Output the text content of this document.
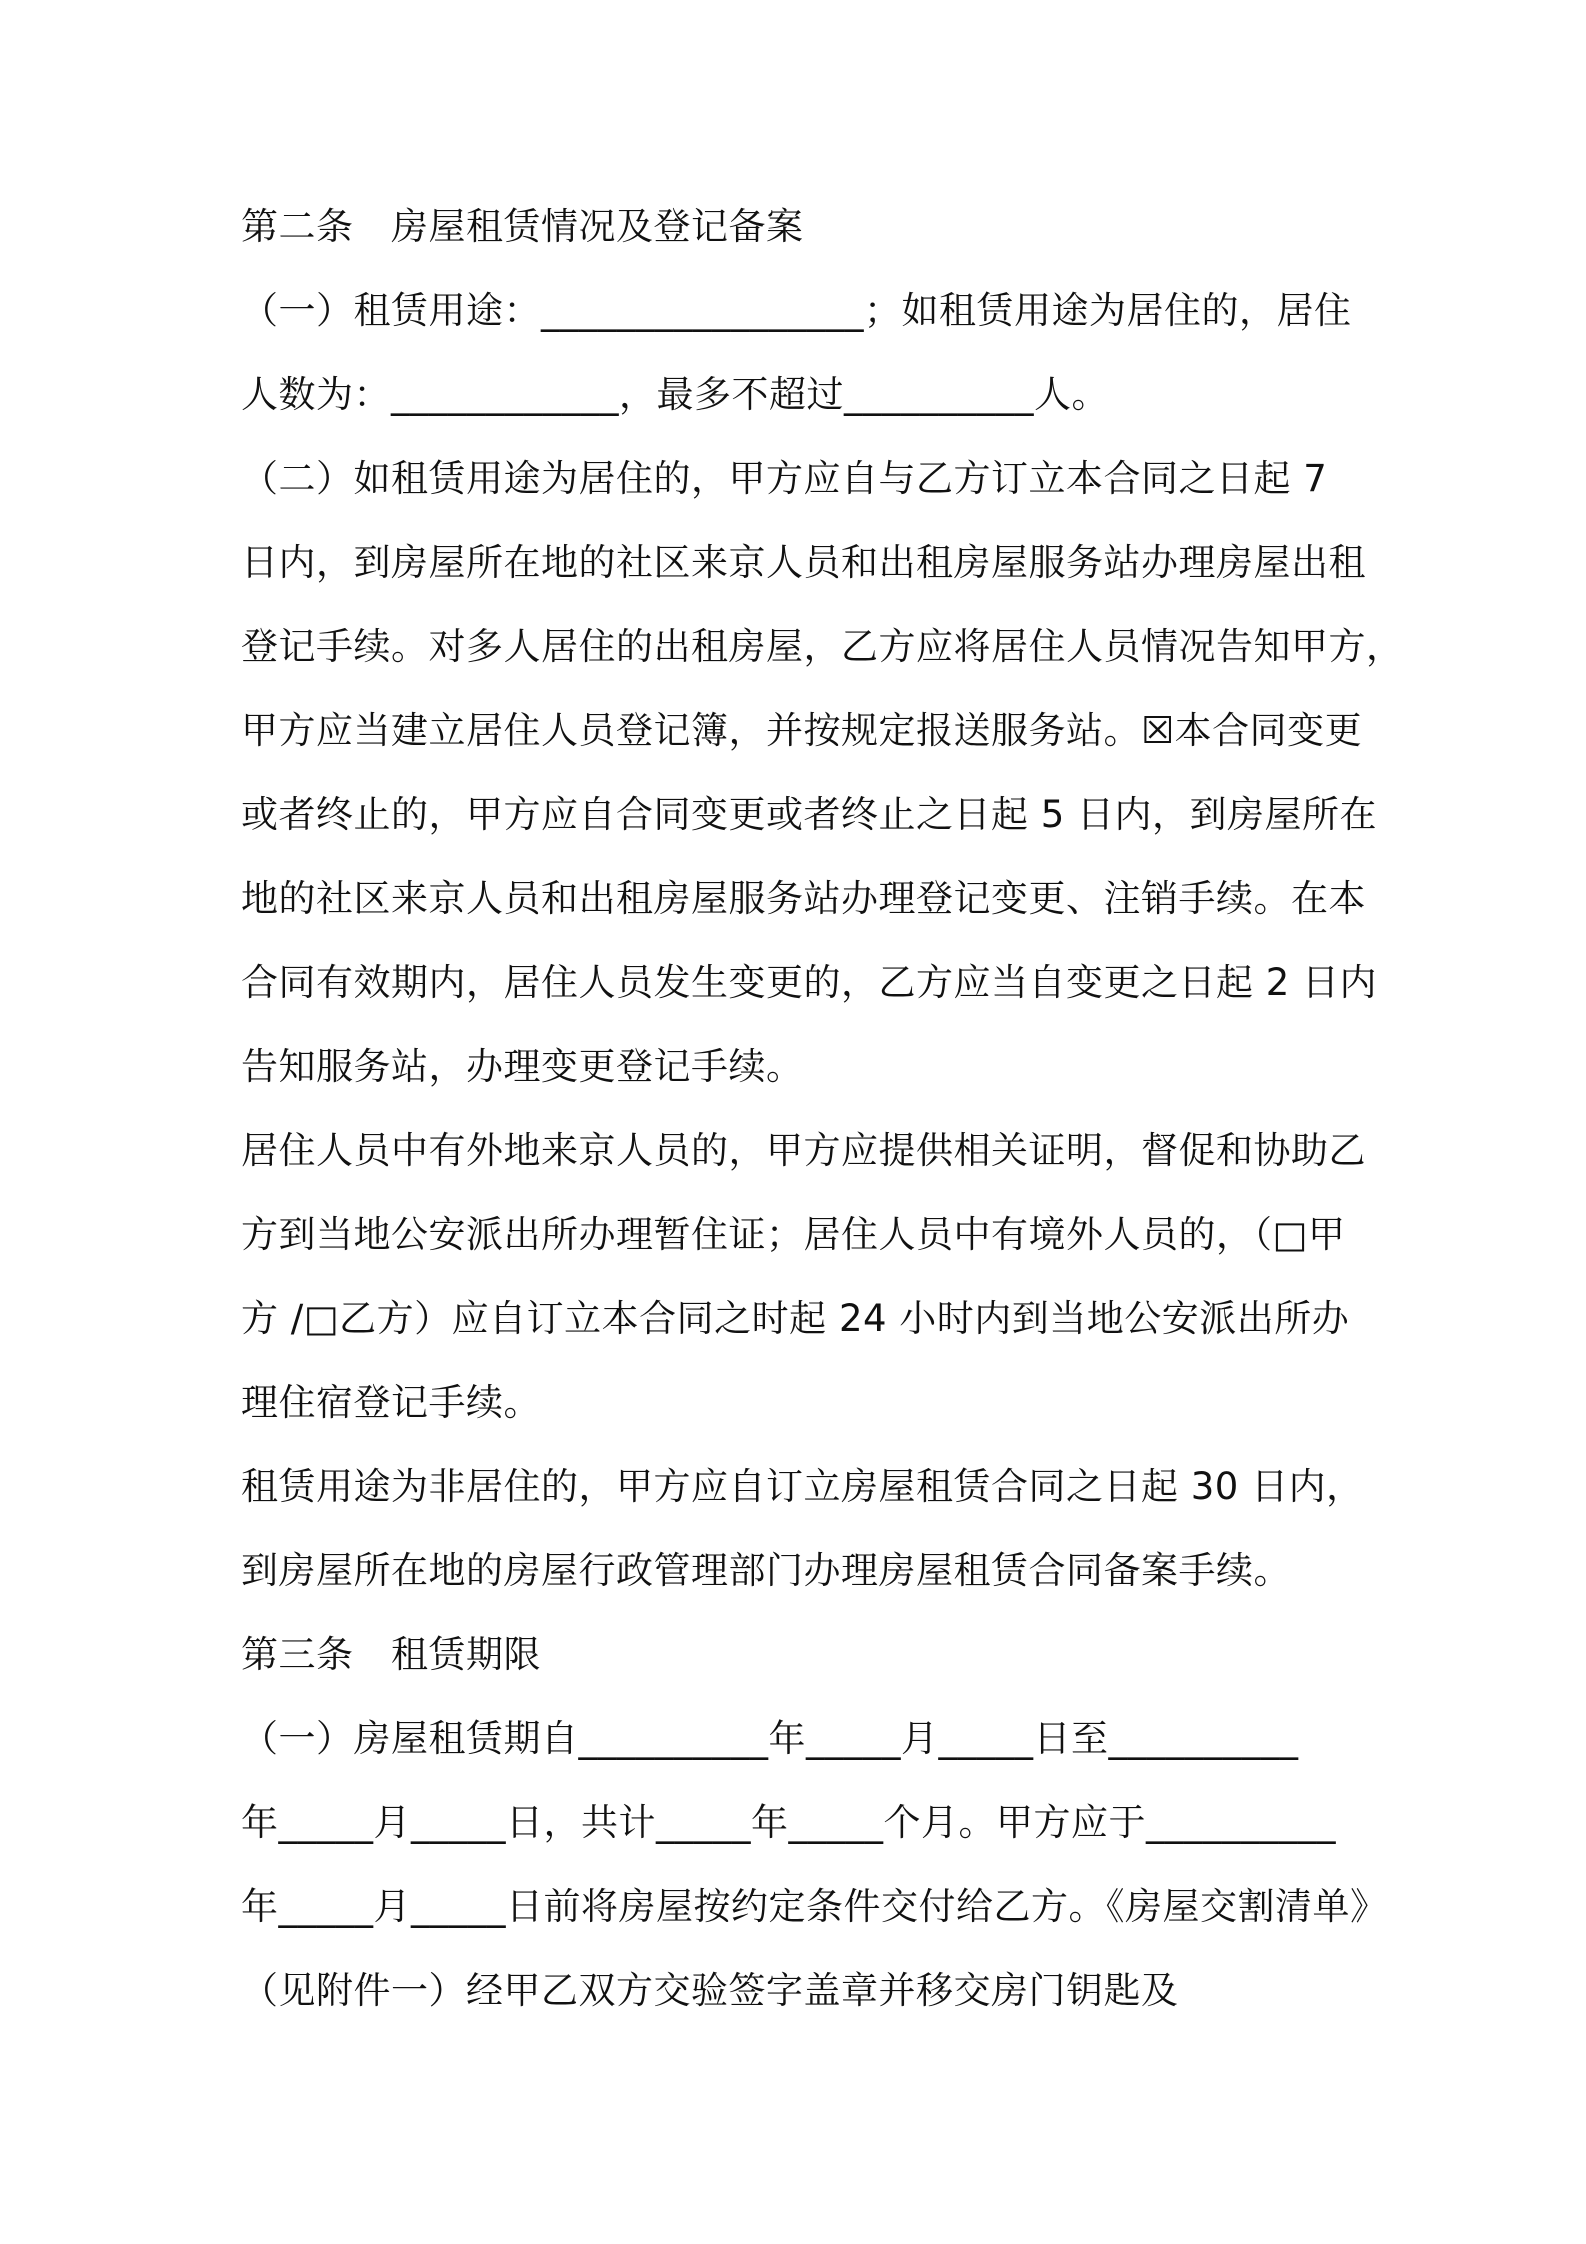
第二条　房屋租赁情况及登记备案
（一）租赁用途：_________________；如租赁用途为居住的，居住
人数为：____________，最多不超过__________人。
（二）如租赁用途为居住的，甲方应自与乙方订立本合同之日起 7
日内，到房屋所在地的社区来京人员和出租房屋服务站办理房屋出租
登记手续。对多人居住的出租房屋，乙方应将居住人员情况告知甲方，
甲方应当建立居住人员登记簿，并按规定报送服务站。☒本合同变更
或者终止的，甲方应自合同变更或者终止之日起 5 日内，到房屋所在
地的社区来京人员和出租房屋服务站办理登记变更、注销手续。在本
合同有效期内，居住人员发生变更的，乙方应当自变更之日起 2 日内
告知服务站，办理变更登记手续。
居住人员中有外地来京人员的，甲方应提供相关证明，督促和协助乙
方到当地公安派出所办理暂住证；居住人员中有境外人员的，（□甲
方 /□乙方）应自订立本合同之时起 24 小时内到当地公安派出所办
理住宿登记手续。
租赁用途为非居住的，甲方应自订立房屋租赁合同之日起 30 日内，
到房屋所在地的房屋行政管理部门办理房屋租赁合同备案手续。
第三条　租赁期限
（一）房屋租赁期自__________年_____月_____日至__________
年_____月_____日，共计_____年_____个月。甲方应于__________
年_____月_____日前将房屋按约定条件交付给乙方。《房屋交割清单》
（见附件一）经甲乙双方交验签字盖章并移交房门钥匙及
